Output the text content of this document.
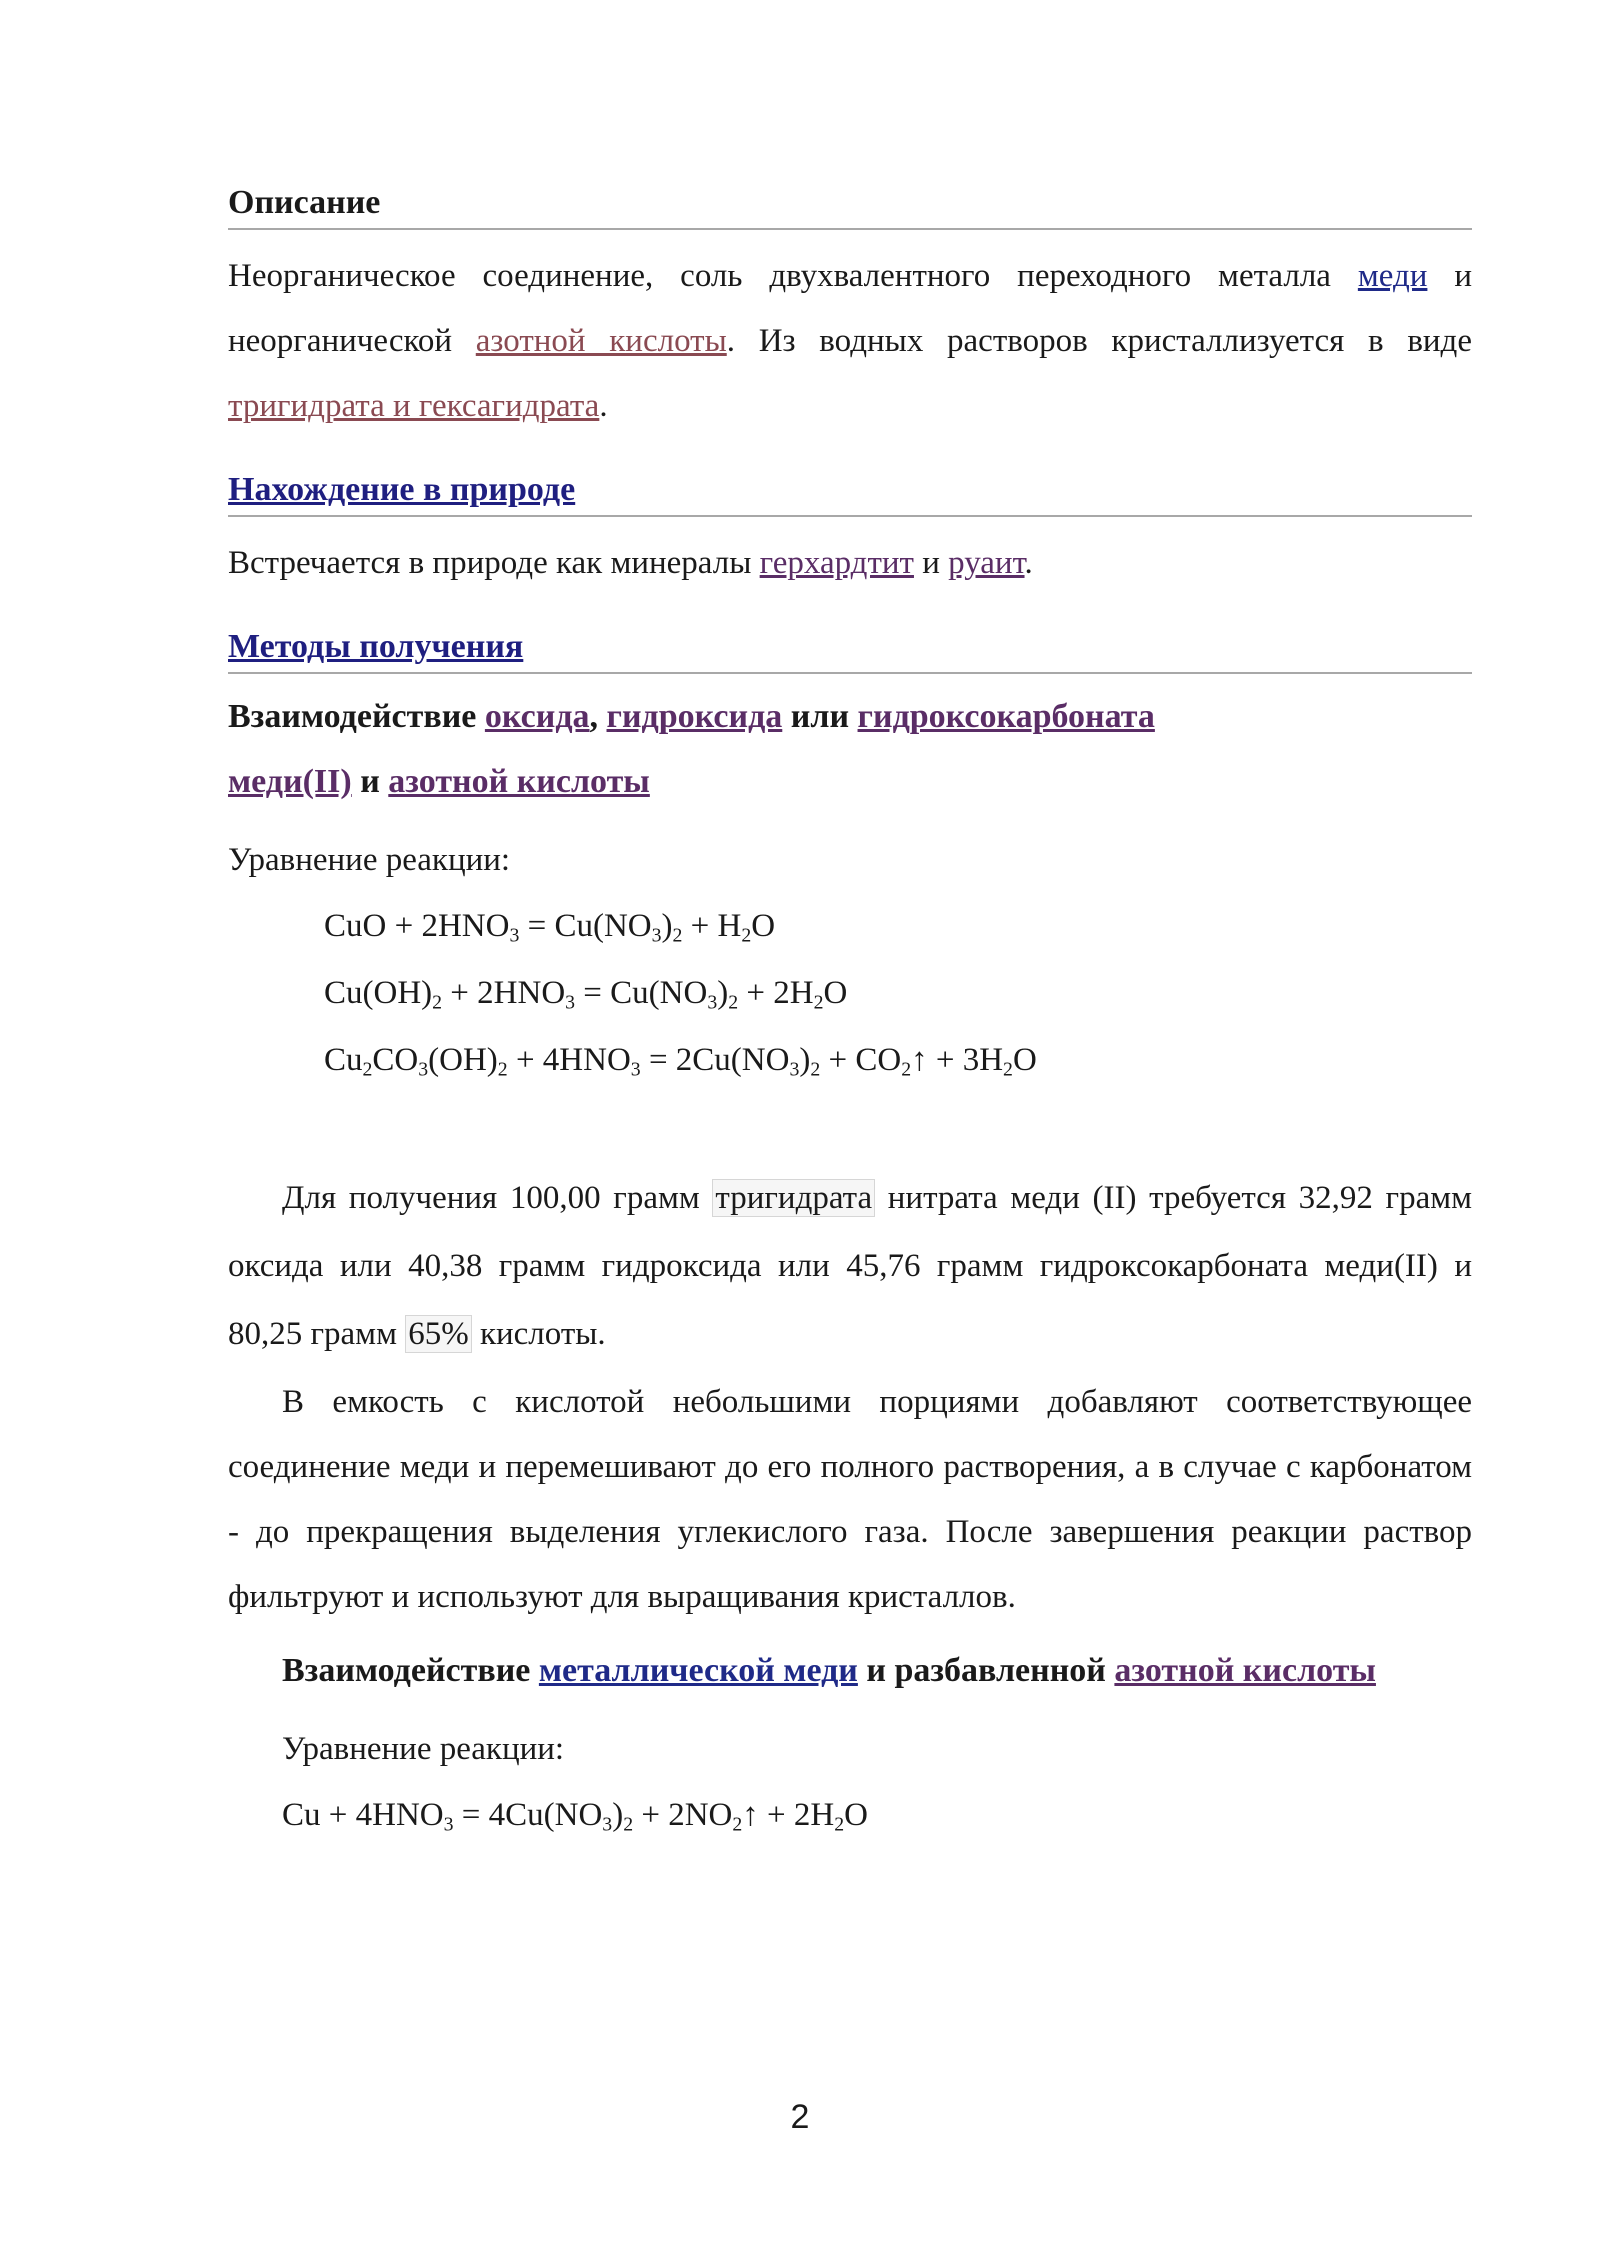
Описание

Неорганическое соединение, соль двухвалентного переходного металла меди и неорганической азотной кислоты. Из водных растворов кристаллизуется в виде тригидрата и гексагидрата.

Нахождение в природе

Встречается в природе как минералы герхардтит и руаит.

Методы получения

Взаимодействие оксида, гидроксида или гидроксокарбоната меди(II) и азотной кислоты

Уравнение реакции:

CuO + $2HNO_3 = Cu(NO_3)_2 + H_2O$

$Cu(OH)_2 + 2HNO_3 = Cu(NO_3)_2 + 2H_2O$

$Cu_2CO_3(OH)_2 + 4HNO_3 = 2Cu(NO_3)_2$ + $CO_2↑ + 3H_2O$

Для получения 100,00 грамм тригидрата нитрата меди (II) требуется 32,92 грамм оксида или 40,38 грамм гидроксида или 45,76 грамм гидроксокарбоната меди(II) и 80,25 грамм 65% кислоты.

В емкость с кислотой небольшими порциями добавляют соответствующее соединение меди и перемешивают до его полного растворения, а в случае с карбонатом - до прекращения выделения углекислого газа. После завершения реакции раствор фильтруют и используют для выращивания кристаллов.

Взаимодействие металлической меди и разбавленной азотной кислоты

Уравнение реакции:

$Cu + 4HNO_3 = 4Cu(NO_3)_2$ + $2NO_2↑ + 2H_2O$

2
